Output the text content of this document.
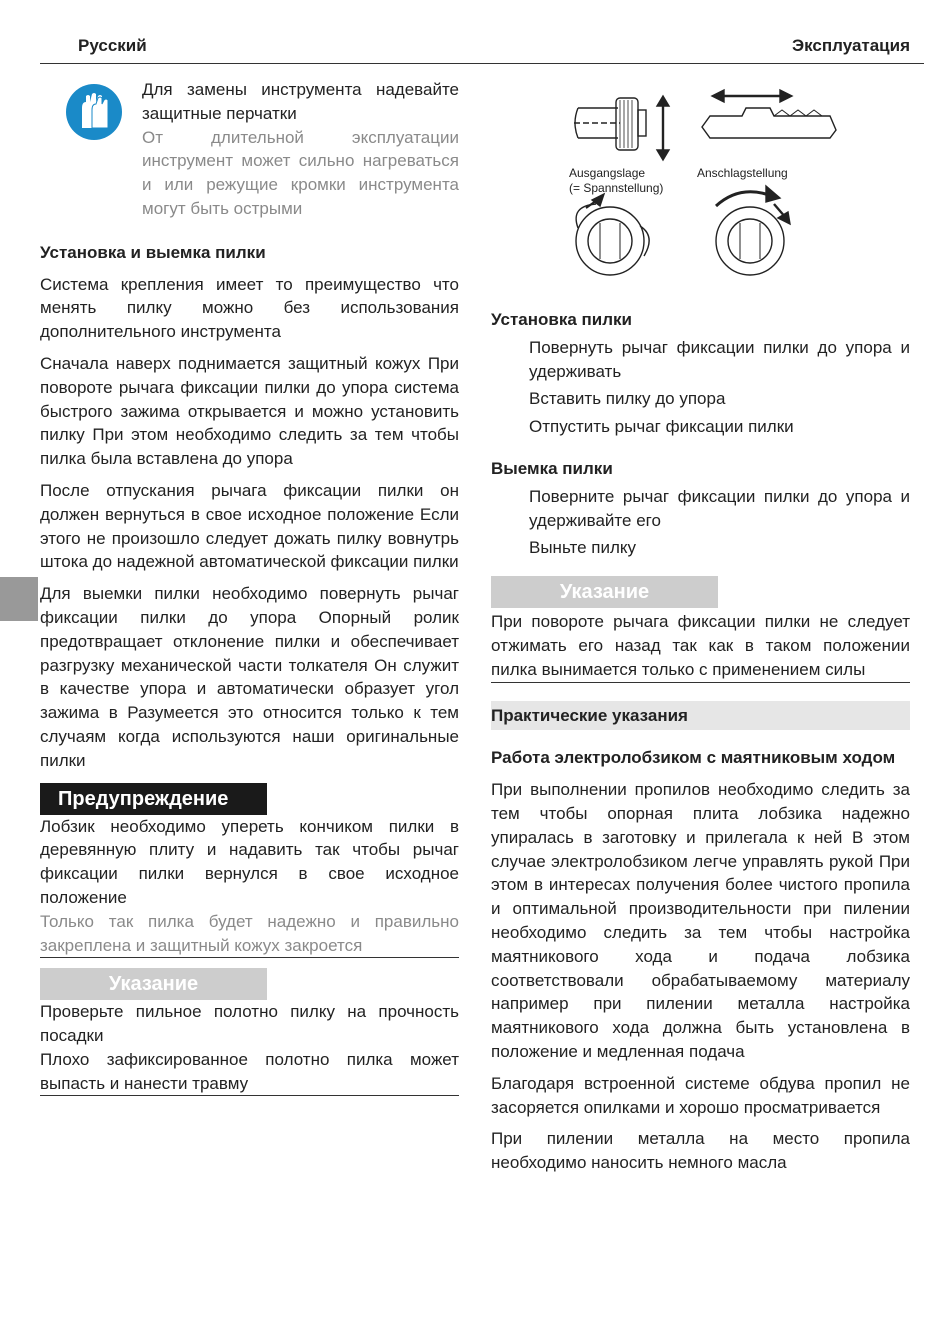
Русский	Эксплуатация
Ausgangslage
(= Spannstellung)
Anschlagstellung

Для замены инструмента надевайте защитные перчатки

От длительной эксплуатации инструмент может сильно нагреваться и или режущие кромки инструмента могут быть острыми

Установка и выемка пилки

Система крепления имеет то преимущество что менять пилку можно без использования дополнительного инструмента

Сначала наверх поднимается защитный кожух При повороте рычага фиксации пилки до упора система быстрого зажима открывается и можно установить пилку При этом необходимо следить за тем чтобы пилка была вставлена до упора

После отпускания рычага фиксации пилки он должен вернуться в свое исходное положение Если этого не произошло следует дожать пилку вовнутрь штока до надежной автоматической фиксации пилки

Для выемки пилки необходимо повернуть рычаг фиксации пилки до упора Опорный ролик предотвращает отклонение пилки и обеспечивает разгрузку механической части толкателя Он служит в качестве упора и автоматически образует угол зажима в Разумеется это относится только к тем случаям когда используются наши оригинальные пилки

Предупреждение

Лобзик необходимо упереть кончиком пилки в деревянную плиту и надавить так чтобы рычаг фиксации пилки вернулся в свое исходное положение

Только так пилка будет надежно и правильно закреплена и защитный кожух закроется

Указание

Проверьте пильное полотно пилку на прочность посадки

Плохо зафиксированное полотно пилка может выпасть и нанести травму

Установка пилки

Повернуть рычаг фиксации пилки до упора и удерживать

Вставить пилку до упора

Отпустить рычаг фиксации пилки

Выемка пилки

Поверните рычаг фиксации пилки до упора и удерживайте его

Выньте пилку

Указание

При повороте рычага фиксации пилки не следует отжимать его назад так как в таком положении пилка вынимается только с применением силы

Практические указания

Работа электролобзиком с маятниковым ходом

При выполнении пропилов необходимо следить за тем чтобы опорная плита лобзика надежно упиралась в заготовку и прилегала к ней В этом случае электролобзиком легче управлять рукой При этом в интересах получения более чистого пропила и оптимальной производительности при пилении необходимо следить за тем чтобы настройка маятникового хода и подача лобзика соответствовали обрабатываемому материалу например при пилении металла настройка маятникового хода должна быть установлена в положение и медленная подача

Благодаря встроенной системе обдува пропил не засоряется опилками и хорошо просматривается

При пилении металла на место пропила необходимо наносить немного масла
